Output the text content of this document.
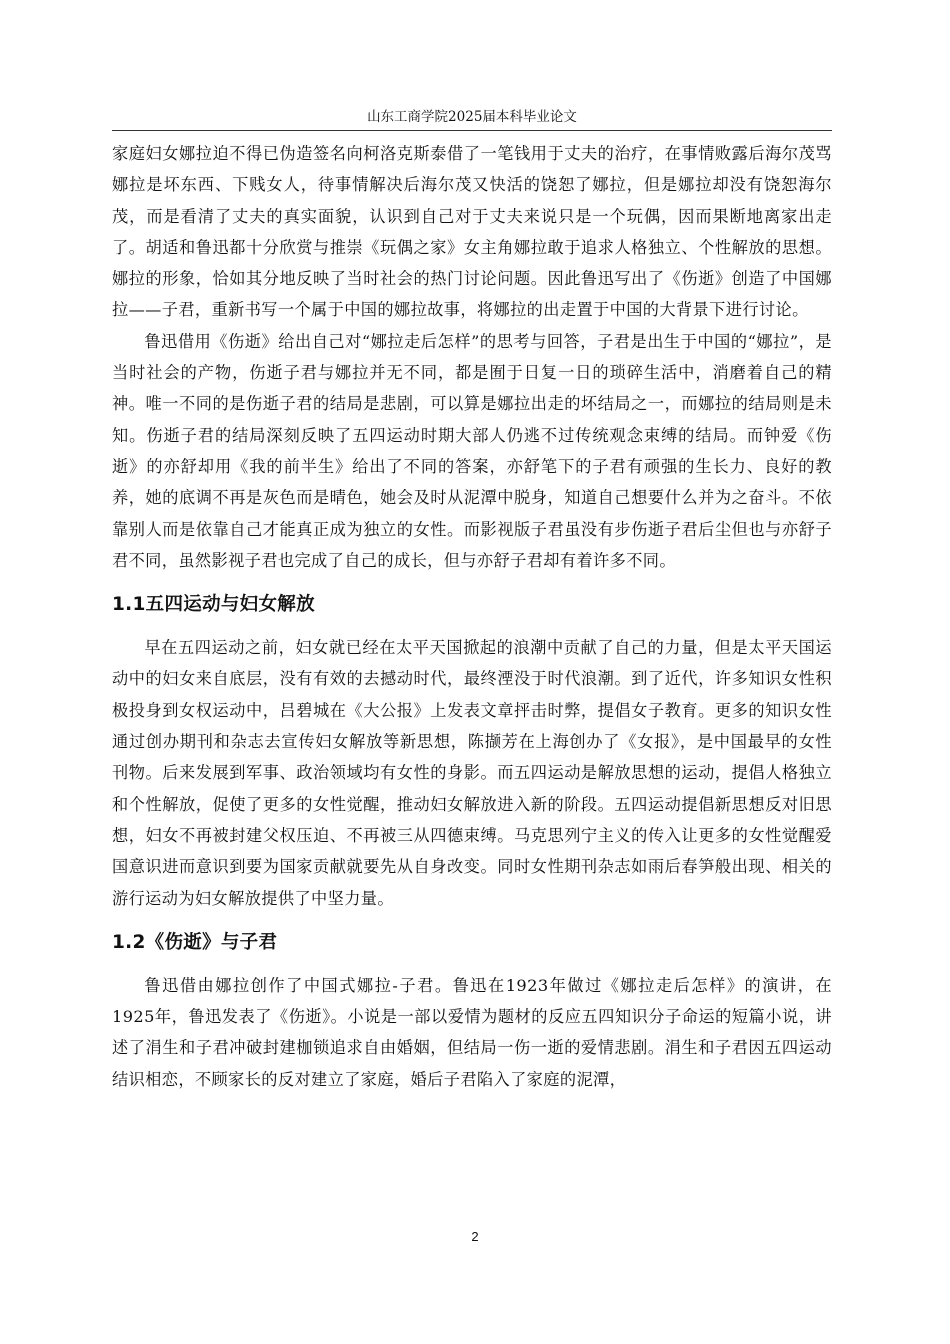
山东工商学院2025届本科毕业论文

家庭妇女娜拉迫不得已伪造签名向柯洛克斯泰借了一笔钱用于丈夫的治疗，在事情败露后海尔茂骂娜拉是坏东西、下贱女人，待事情解决后海尔茂又快活的饶恕了娜拉，但是娜拉却没有饶恕海尔茂，而是看清了丈夫的真实面貌，认识到自己对于丈夫来说只是一个玩偶，因而果断地离家出走了。胡适和鲁迅都十分欣赏与推崇《玩偶之家》女主角娜拉敢于追求人格独立、个性解放的思想。娜拉的形象，恰如其分地反映了当时社会的热门讨论问题。因此鲁迅写出了《伤逝》创造了中国娜拉——子君，重新书写一个属于中国的娜拉故事，将娜拉的出走置于中国的大背景下进行讨论。

鲁迅借用《伤逝》给出自己对“娜拉走后怎样”的思考与回答，子君是出生于中国的“娜拉”，是当时社会的产物，伤逝子君与娜拉并无不同，都是囿于日复一日的琐碎生活中，消磨着自己的精神。唯一不同的是伤逝子君的结局是悲剧，可以算是娜拉出走的坏结局之一，而娜拉的结局则是未知。伤逝子君的结局深刻反映了五四运动时期大部人仍逃不过传统观念束缚的结局。而钟爱《伤逝》的亦舒却用《我的前半生》给出了不同的答案，亦舒笔下的子君有顽强的生长力、良好的教养，她的底调不再是灰色而是晴色，她会及时从泥潭中脱身，知道自己想要什么并为之奋斗。不依靠别人而是依靠自己才能真正成为独立的女性。而影视版子君虽没有步伤逝子君后尘但也与亦舒子君不同，虽然影视子君也完成了自己的成长，但与亦舒子君却有着许多不同。

1.1五四运动与妇女解放

早在五四运动之前，妇女就已经在太平天国掀起的浪潮中贡献了自己的力量，但是太平天国运动中的妇女来自底层，没有有效的去撼动时代，最终湮没于时代浪潮。到了近代，许多知识女性积极投身到女权运动中，吕碧城在《大公报》上发表文章抨击时弊，提倡女子教育。更多的知识女性通过创办期刊和杂志去宣传妇女解放等新思想，陈撷芳在上海创办了《女报》，是中国最早的女性刊物。后来发展到军事、政治领域均有女性的身影。而五四运动是解放思想的运动，提倡人格独立和个性解放，促使了更多的女性觉醒，推动妇女解放进入新的阶段。五四运动提倡新思想反对旧思想，妇女不再被封建父权压迫、不再被三从四德束缚。马克思列宁主义的传入让更多的女性觉醒爱国意识进而意识到要为国家贡献就要先从自身改变。同时女性期刊杂志如雨后春笋般出现、相关的游行运动为妇女解放提供了中坚力量。

1.2《伤逝》与子君

鲁迅借由娜拉创作了中国式娜拉-子君。鲁迅在1923年做过《娜拉走后怎样》的演讲，在1925年，鲁迅发表了《伤逝》。小说是一部以爱情为题材的反应五四知识分子命运的短篇小说，讲述了涓生和子君冲破封建枷锁追求自由婚姻，但结局一伤一逝的爱情悲剧。涓生和子君因五四运动结识相恋，不顾家长的反对建立了家庭，婚后子君陷入了家庭的泥潭，

2
